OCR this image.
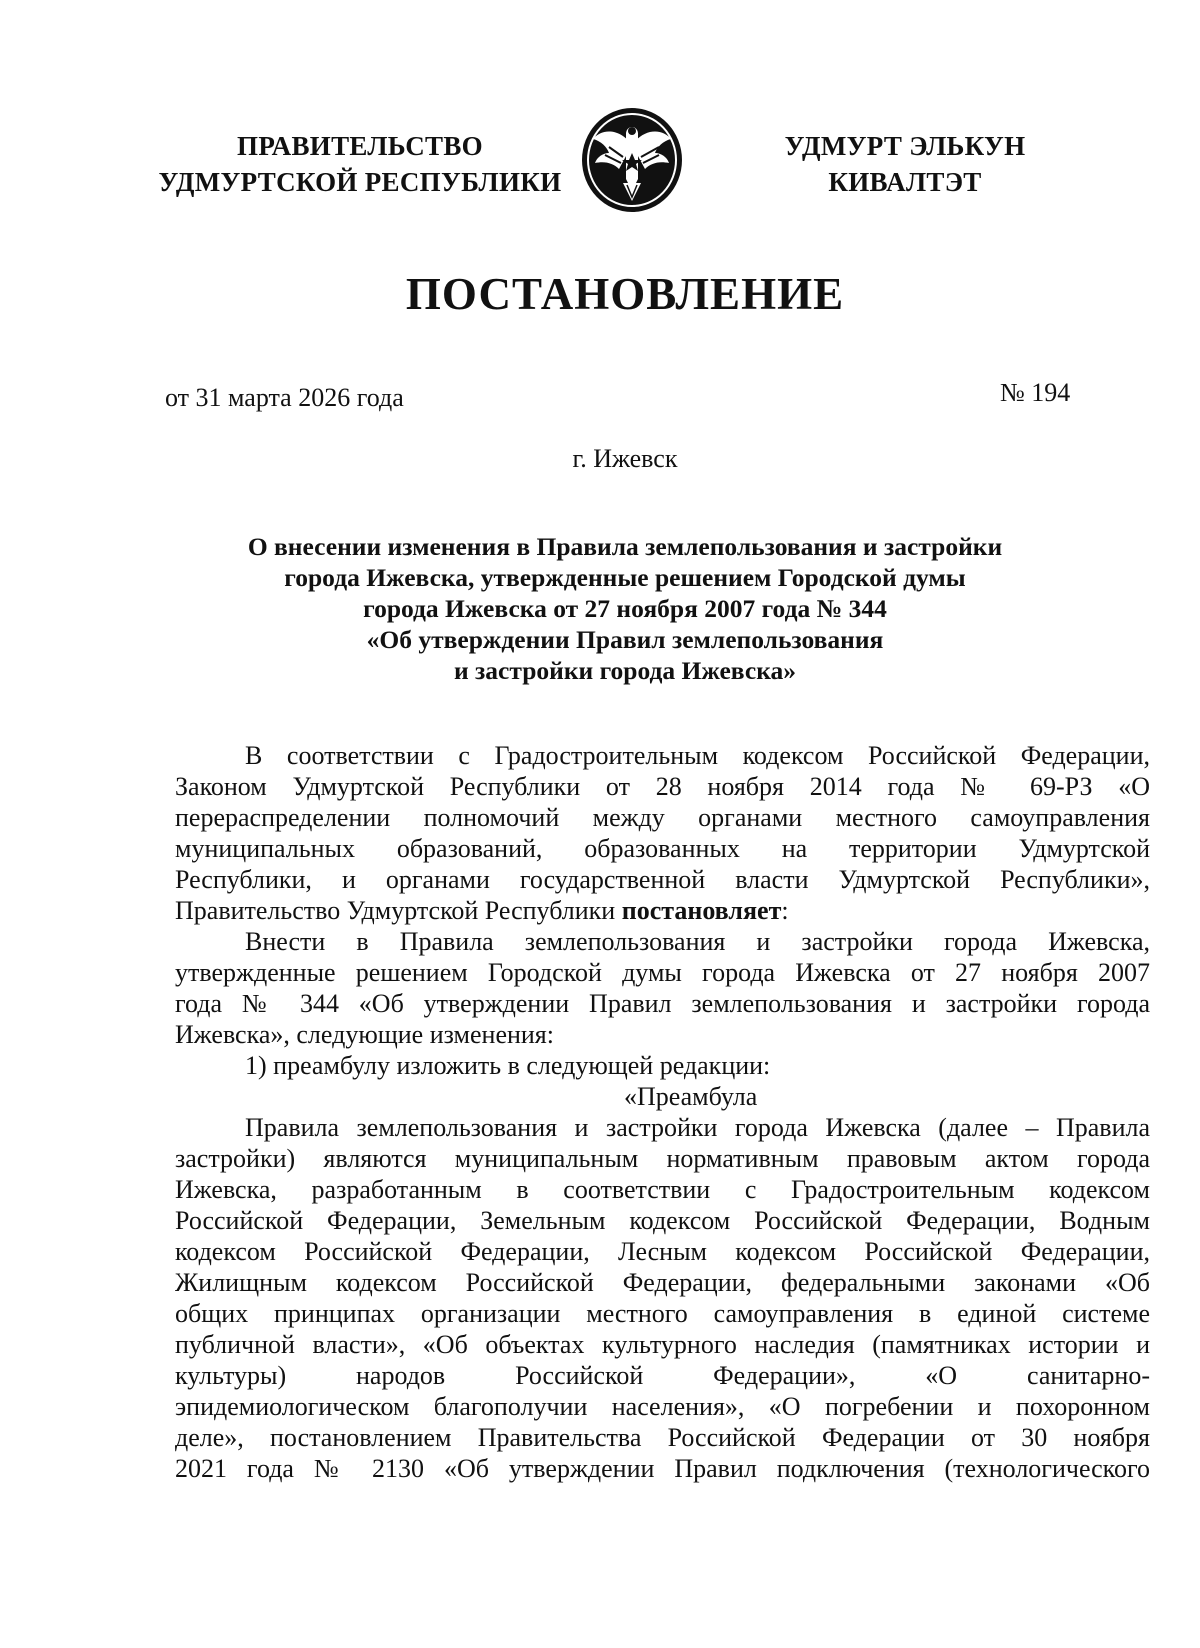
ПРАВИТЕЛЬСТВО
УДМУРТСКОЙ РЕСПУБЛИКИ
УДМУРТ ЭЛЬКУН
КИВАЛТЭТ
ПОСТАНОВЛЕНИЕ
от 31 марта 2026 года	№ 194
г. Ижевск
О внесении изменения в Правила землепользования и застройки
города Ижевска, утвержденные решением Городской думы
города Ижевска от 27 ноября 2007 года № 344
«Об утверждении Правил землепользования
и застройки города Ижевска»
В соответствии с Градостроительным кодексом Российской Федерации,
Законом Удмуртской Республики от 28 ноября 2014 года № 69-РЗ «О
перераспределении полномочий между органами местного самоуправления
муниципальных образований, образованных на территории Удмуртской
Республики, и органами государственной власти Удмуртской Республики»,
Правительство Удмуртской Республики постановляет:
Внести в Правила землепользования и застройки города Ижевска,
утвержденные решением Городской думы города Ижевска от 27 ноября 2007
года № 344 «Об утверждении Правил землепользования и застройки города
Ижевска», следующие изменения:
1) преамбулу изложить в следующей редакции:
«Преамбула
Правила землепользования и застройки города Ижевска (далее – Правила
застройки) являются муниципальным нормативным правовым актом города
Ижевска, разработанным в соответствии с Градостроительным кодексом
Российской Федерации, Земельным кодексом Российской Федерации, Водным
кодексом Российской Федерации, Лесным кодексом Российской Федерации,
Жилищным кодексом Российской Федерации, федеральными законами «Об
общих принципах организации местного самоуправления в единой системе
публичной власти», «Об объектах культурного наследия (памятниках истории и
культуры) народов Российской Федерации», «О санитарно-
эпидемиологическом благополучии населения», «О погребении и похоронном
деле», постановлением Правительства Российской Федерации от 30 ноября
2021 года № 2130 «Об утверждении Правил подключения (технологического
